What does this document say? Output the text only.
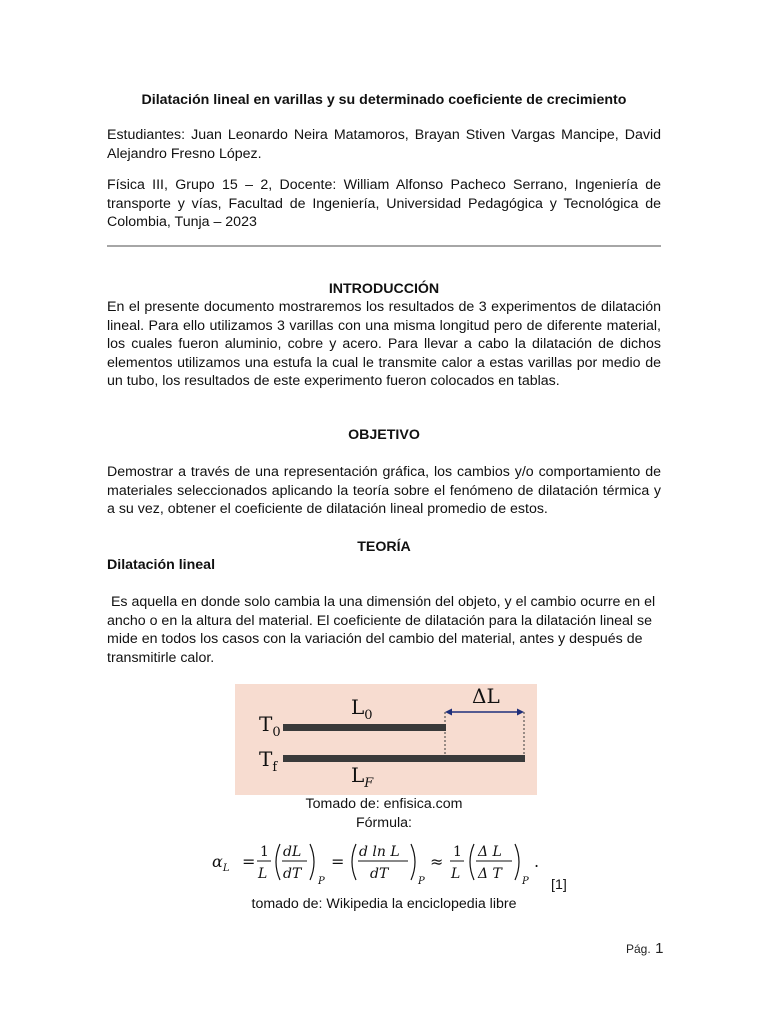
Dilatación lineal en varillas y su determinado coeficiente de crecimiento
Estudiantes: Juan Leonardo Neira Matamoros, Brayan Stiven Vargas Mancipe, David Alejandro Fresno López.
Física III, Grupo 15 – 2, Docente: William Alfonso Pacheco Serrano, Ingeniería de transporte y vías, Facultad de Ingeniería, Universidad Pedagógica y Tecnológica de Colombia, Tunja – 2023
INTRODUCCIÓN
En el presente documento mostraremos los resultados de 3 experimentos de dilatación lineal. Para ello utilizamos 3 varillas con una misma longitud pero de diferente material, los cuales fueron aluminio, cobre y acero. Para llevar a cabo la dilatación de dichos elementos utilizamos una estufa la cual le transmite calor a estas varillas por medio de un tubo, los resultados de este experimento fueron colocados en tablas.
OBJETIVO
Demostrar a través de una representación gráfica, los cambios y/o comportamiento de materiales seleccionados aplicando la teoría sobre el fenómeno de dilatación térmica y a su vez, obtener el coeficiente de dilatación lineal promedio de estos.
TEORÍA
Dilatación lineal
Es aquella en donde solo cambia la una dimensión del objeto, y el cambio ocurre en el ancho o en la altura del material. El coeficiente de dilatación para la dilatación lineal se mide en todos los casos con la variación del cambio del material, antes y después de transmitirle calor.
$T_0$
$T_f$
$L_0$
$L_F$
ΔL
Tomado de: enfisica.com
Fórmula:
$\alpha_L = 1$
L
dL
dT P
= d ln L
dT	P
≈ 1
L
Δ L
Δ T P
.
[1]
tomado de: Wikipedia la enciclopedia libre
Pág. 1
